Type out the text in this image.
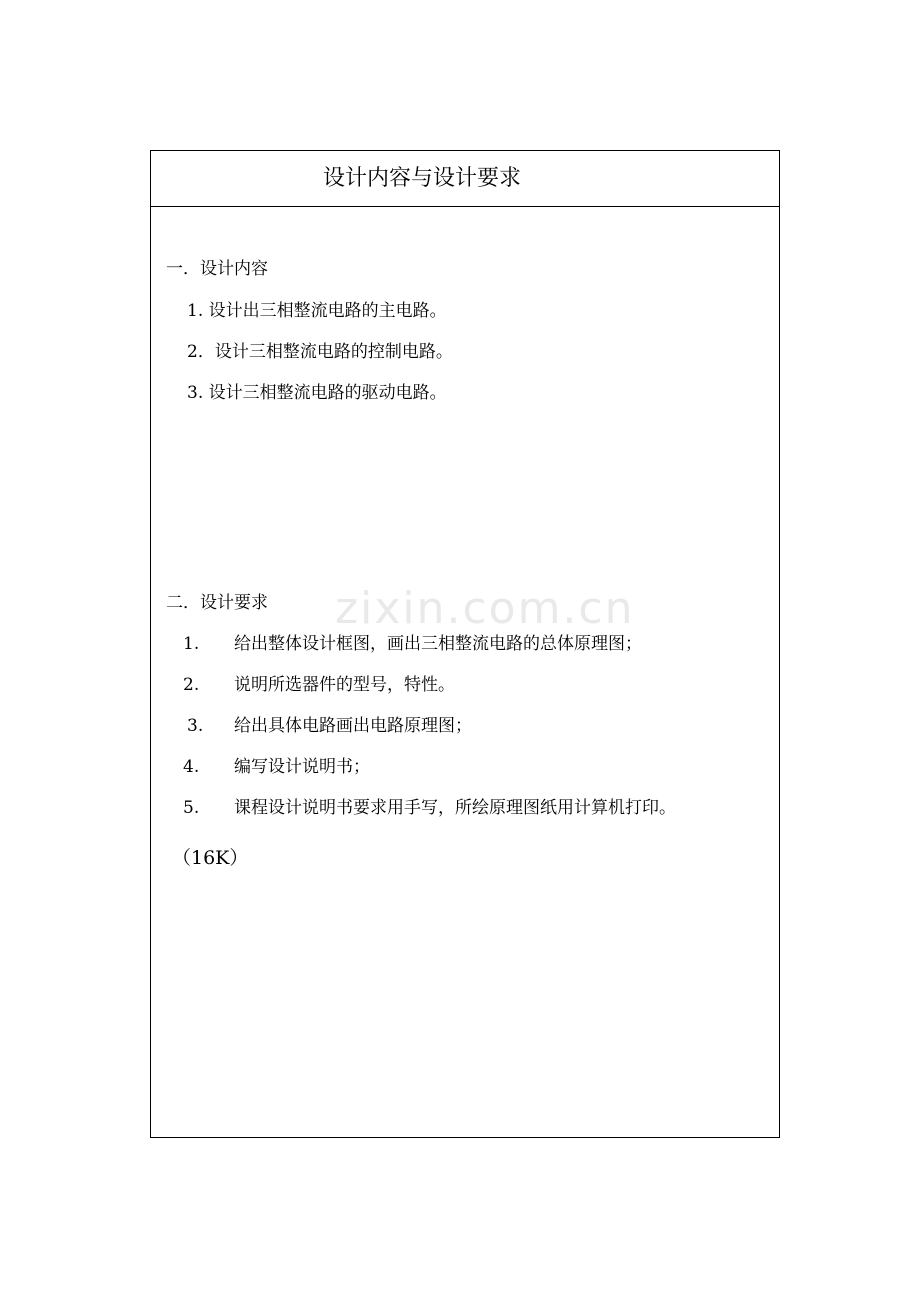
zixin.com.cn
设计内容与设计要求
一．设计内容
1. 设计出三相整流电路的主电路。
2．设计三相整流电路的控制电路。
3. 设计三相整流电路的驱动电路。
二．设计要求
1. 给出整体设计框图，画出三相整流电路的总体原理图；
2. 说明所选器件的型号，特性。
3. 给出具体电路画出电路原理图；
4. 编写设计说明书；
5. 课程设计说明书要求用手写，所绘原理图纸用计算机打印。
（16K）
